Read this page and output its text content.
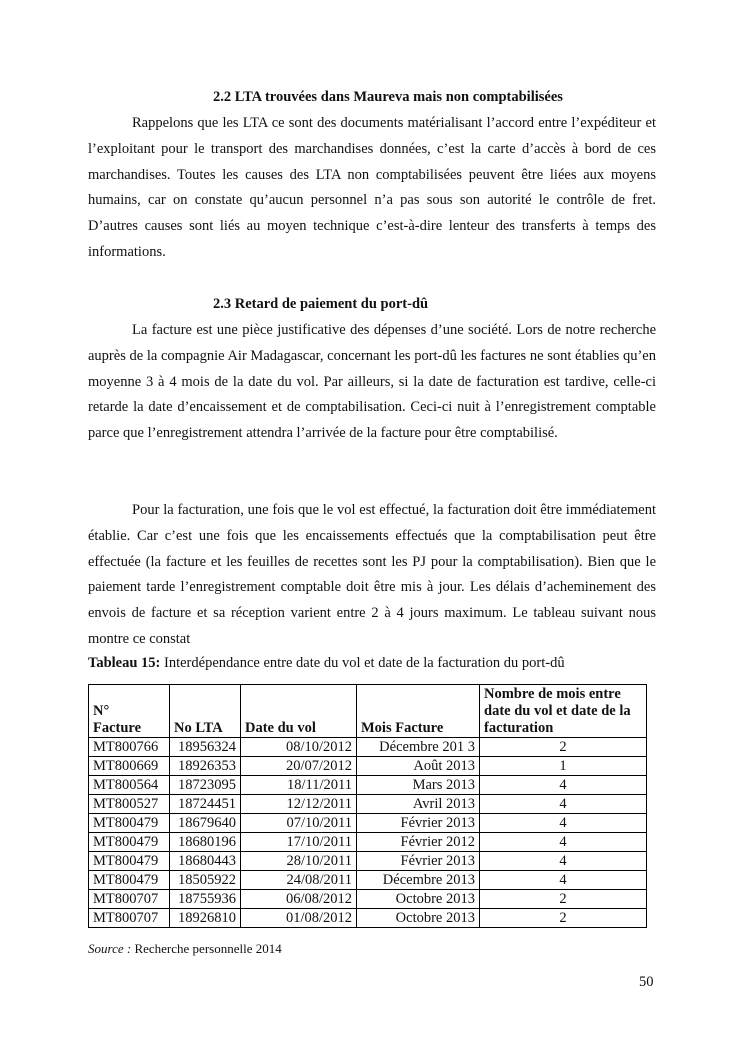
2.2 LTA trouvées dans Maureva mais non comptabilisées

Rappelons que les LTA ce sont des documents matérialisant l’accord entre l’expéditeur et l’exploitant pour le transport des marchandises données, c’est la carte d’accès à bord de ces marchandises. Toutes les causes des LTA non comptabilisées peuvent être liées aux moyens humains, car on constate qu’aucun personnel n’a pas sous son autorité le contrôle de fret. D’autres causes sont liés au moyen technique c’est-à-dire lenteur des transferts à temps des informations.

2.3 Retard de paiement du port-dû

La facture est une pièce justificative des dépenses d’une société. Lors de notre recherche auprès de la compagnie Air Madagascar, concernant les port-dû les factures ne sont établies qu’en moyenne 3 à 4 mois de la date du vol. Par ailleurs, si la date de facturation est tardive, celle-ci retarde la date d’encaissement et de comptabilisation. Ceci-ci nuit à l’enregistrement comptable parce que l’enregistrement attendra l’arrivée de la facture pour être comptabilisé.

Pour la facturation, une fois que le vol est effectué, la facturation doit être immédiatement établie. Car c’est une fois que les encaissements effectués que la comptabilisation peut être effectuée (la facture et les feuilles de recettes sont les PJ pour la comptabilisation). Bien que le paiement tarde l’enregistrement comptable doit être mis à jour. Les délais d’acheminement des envois de facture et sa réception varient entre 2 à 4 jours maximum. Le tableau suivant nous montre ce constat

Tableau 15: Interdépendance entre date du vol et date de la facturation du port-dû
N°
Facture	No LTA	Date du vol	Mois Facture	Nombre de mois entre date du vol et date de la facturation
MT800766	18956324	08/10/2012	Décembre 201 3	2
MT800669	18926353	20/07/2012	Août 2013	1
MT800564	18723095	18/11/2011	Mars 2013	4
MT800527	18724451	12/12/2011	Avril 2013	4
MT800479	18679640	07/10/2011	Février 2013	4
MT800479	18680196	17/10/2011	Février 2012	4
MT800479	18680443	28/10/2011	Février 2013	4
MT800479	18505922	24/08/2011	Décembre 2013	4
MT800707	18755936	06/08/2012	Octobre 2013	2
MT800707	18926810	01/08/2012	Octobre 2013	2
Source : Recherche personnelle 2014
50
